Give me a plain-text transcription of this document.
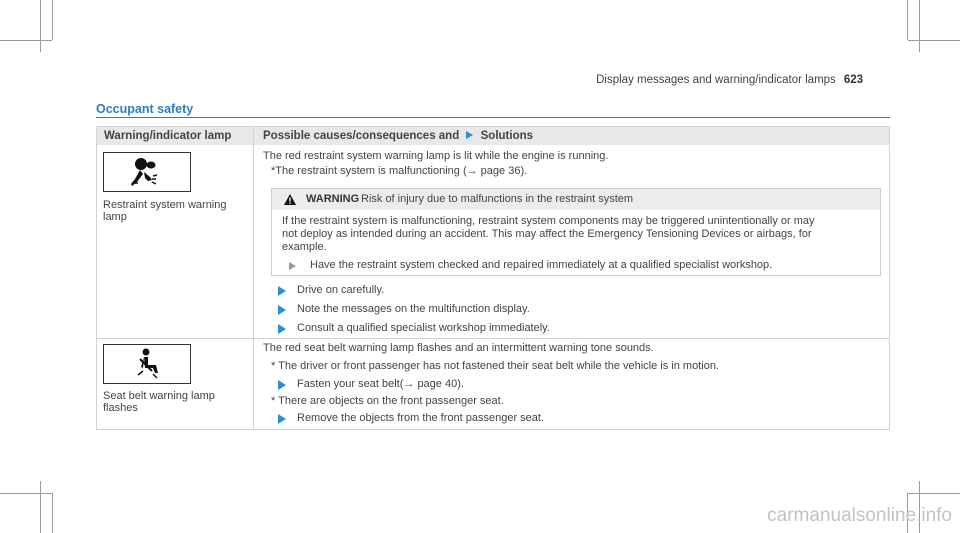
Display messages and warning/indicator lamps 623
Occupant safety
Warning/indicator lamp	Possible causes/consequences and Solutions
Restraint system warning
lamp
The red restraint system warning lamp is lit while the engine is running.
*The restraint system is malfunctioning (→ page 36).
WARNING Risk of injury due to malfunctions in the restraint system
If the restraint system is malfunctioning, restraint system components may be triggered unintentionally or may
not deploy as intended during an accident. This may affect the Emergency Tensioning Devices or airbags, for
example.
Have the restraint system checked and repaired immediately at a qualified specialist workshop.
Drive on carefully.
Note the messages on the multifunction display.
Consult a qualified specialist workshop immediately.
Seat belt warning lamp
flashes
The red seat belt warning lamp flashes and an intermittent warning tone sounds.
* The driver or front passenger has not fastened their seat belt while the vehicle is in motion.
Fasten your seat belt(→ page 40).
* There are objects on the front passenger seat.
Remove the objects from the front passenger seat.
carmanualsonline.info
